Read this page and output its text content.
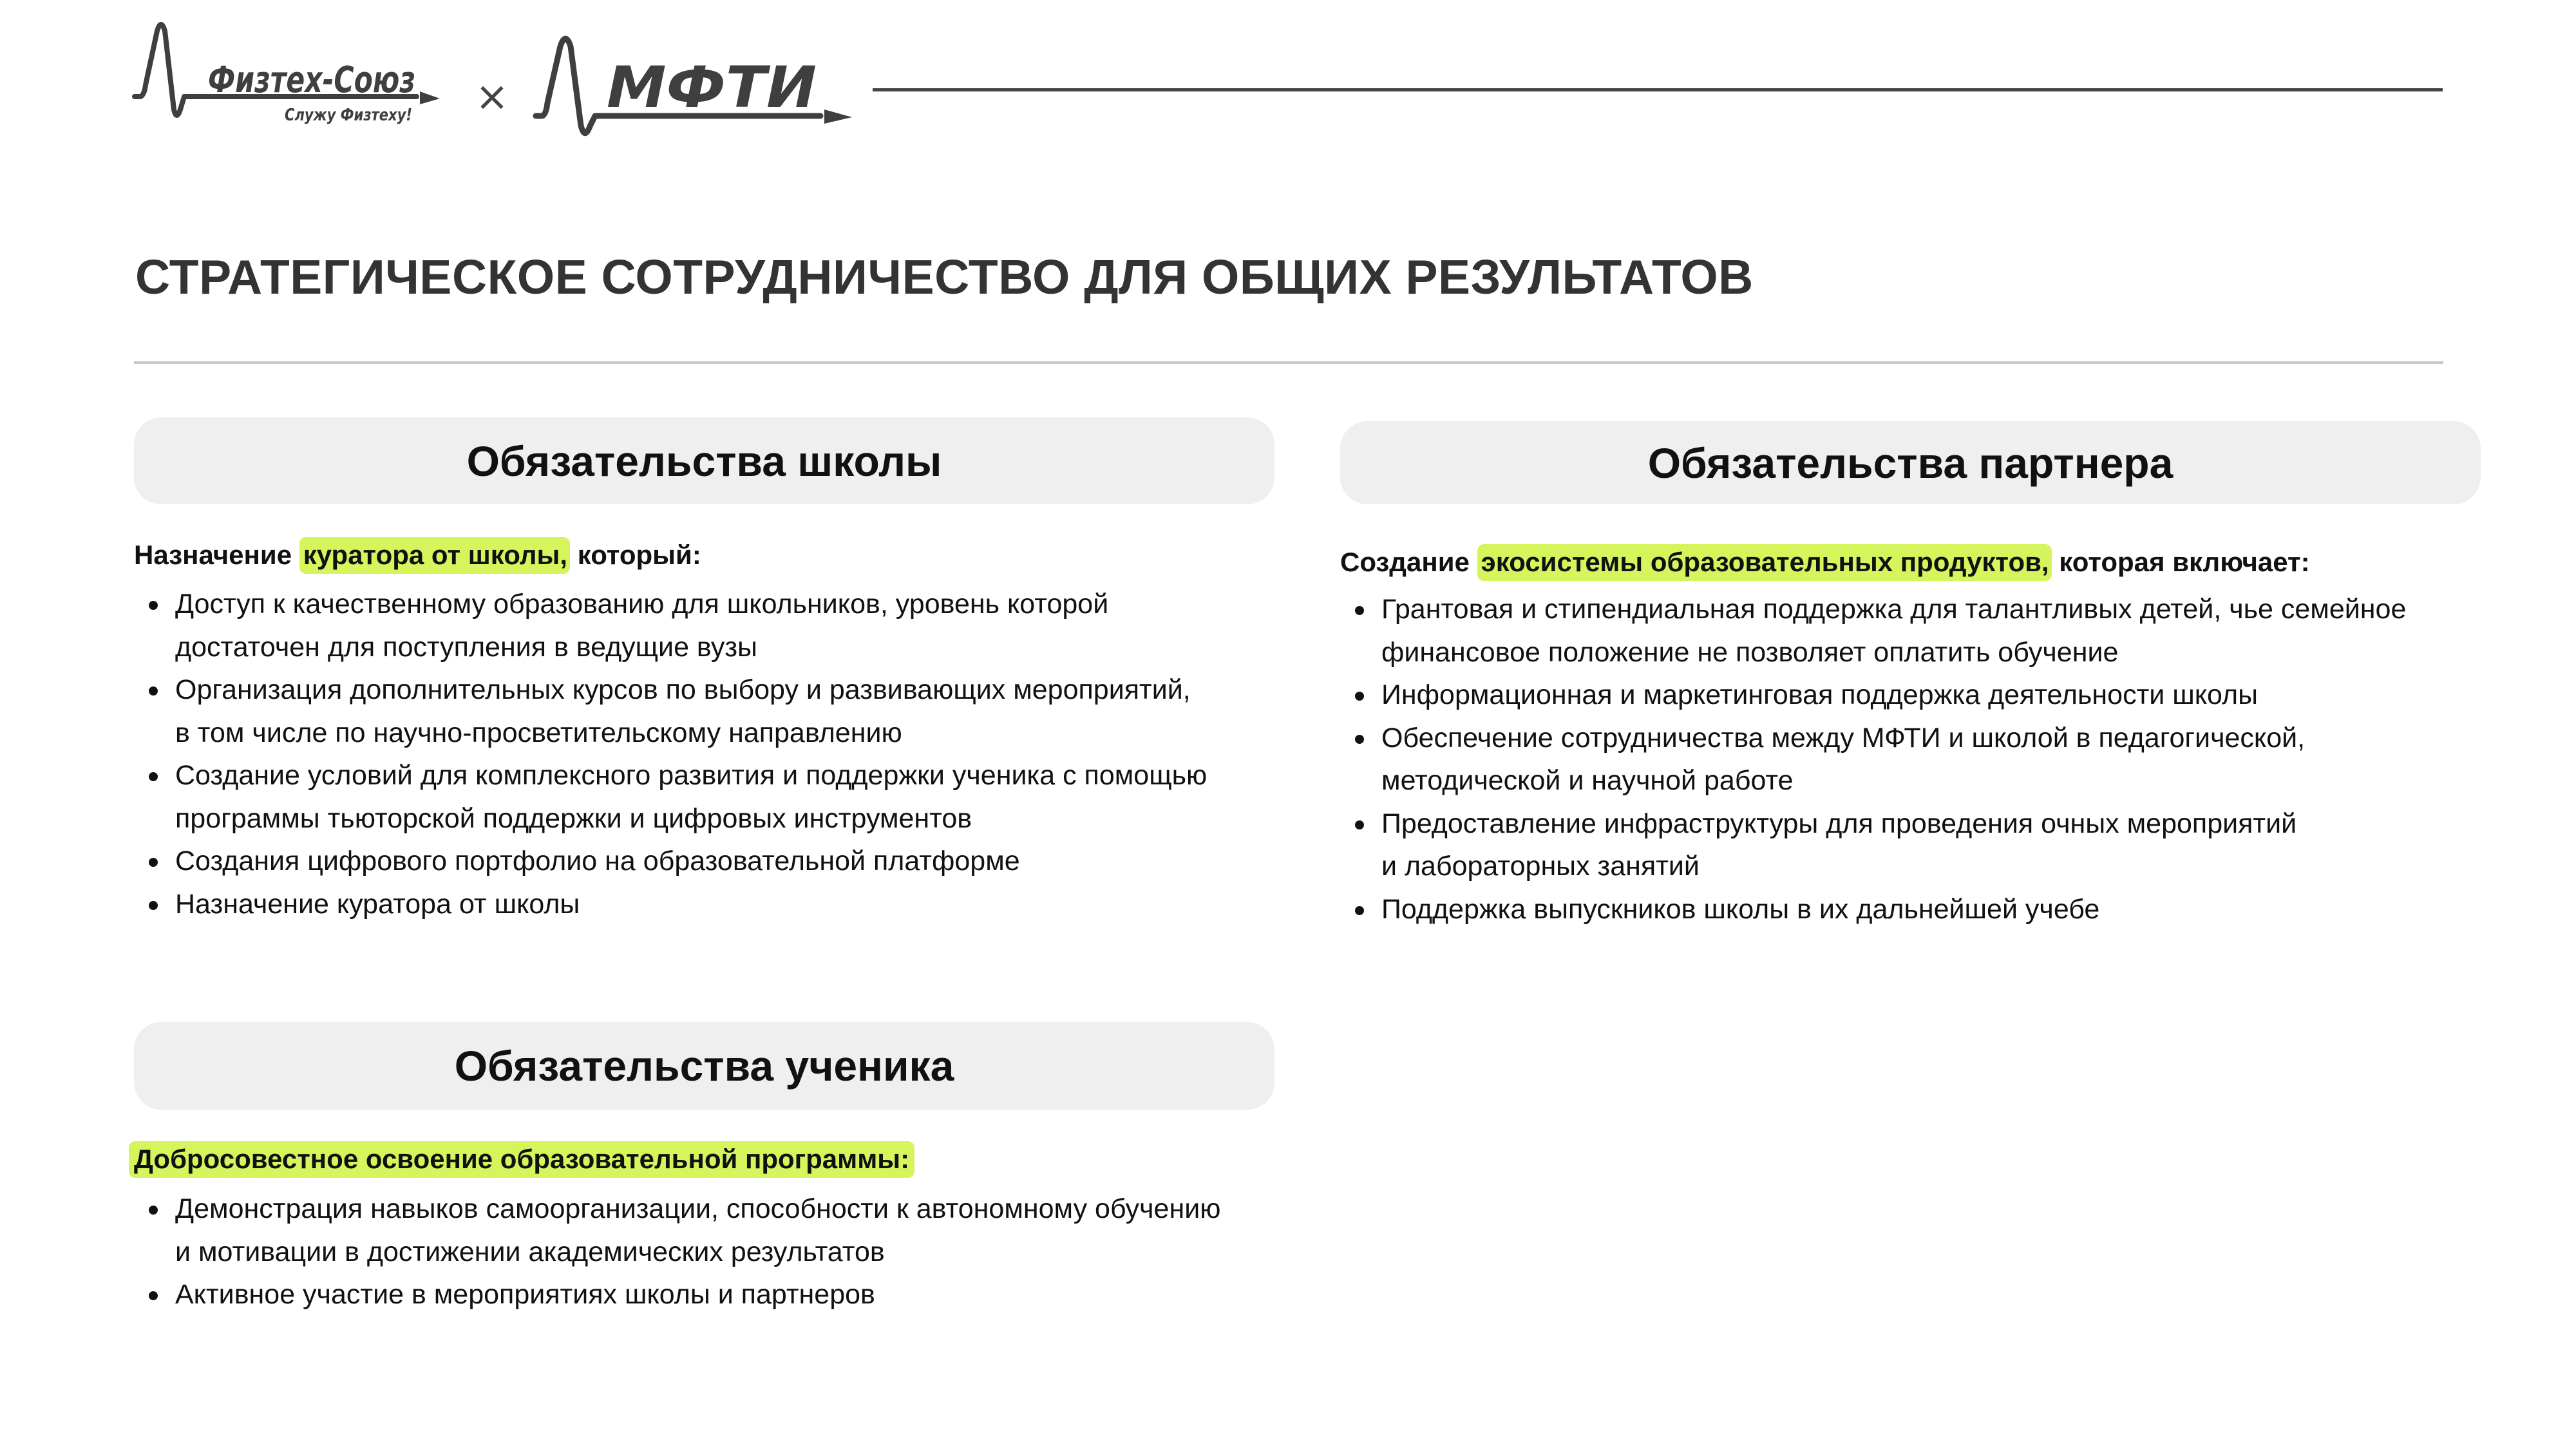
Физтех-Союз
Служу Физтеху! × МФТИ
СТРАТЕГИЧЕСКОЕ СОТРУДНИЧЕСТВО ДЛЯ ОБЩИХ РЕЗУЛЬТАТОВ
Обязательства школы
Назначение куратора от школы, который:
Доступ к качественному образованию для школьников, уровень которой
достаточен для поступления в ведущие вузы
Организация дополнительных курсов по выбору и развивающих мероприятий,
в том числе по научно-просветительскому направлению
Создание условий для комплексного развития и поддержки ученика с помощью
программы тьюторской поддержки и цифровых инструментов
Создания цифрового портфолио на образовательной платформе
Назначение куратора от школы
Обязательства партнера
Создание экосистемы образовательных продуктов, которая включает:
Грантовая и стипендиальная поддержка для талантливых детей, чье семейное
финансовое положение не позволяет оплатить обучение
Информационная и маркетинговая поддержка деятельности школы
Обеспечение сотрудничества между МФТИ и школой в педагогической,
методической и научной работе
Предоставление инфраструктуры для проведения очных мероприятий
и лабораторных занятий
Поддержка выпускников школы в их дальнейшей учебе
Обязательства ученика
Добросовестное освоение образовательной программы:
Демонстрация навыков самоорганизации, способности к автономному обучению
и мотивации в достижении академических результатов
Активное участие в мероприятиях школы и партнеров
